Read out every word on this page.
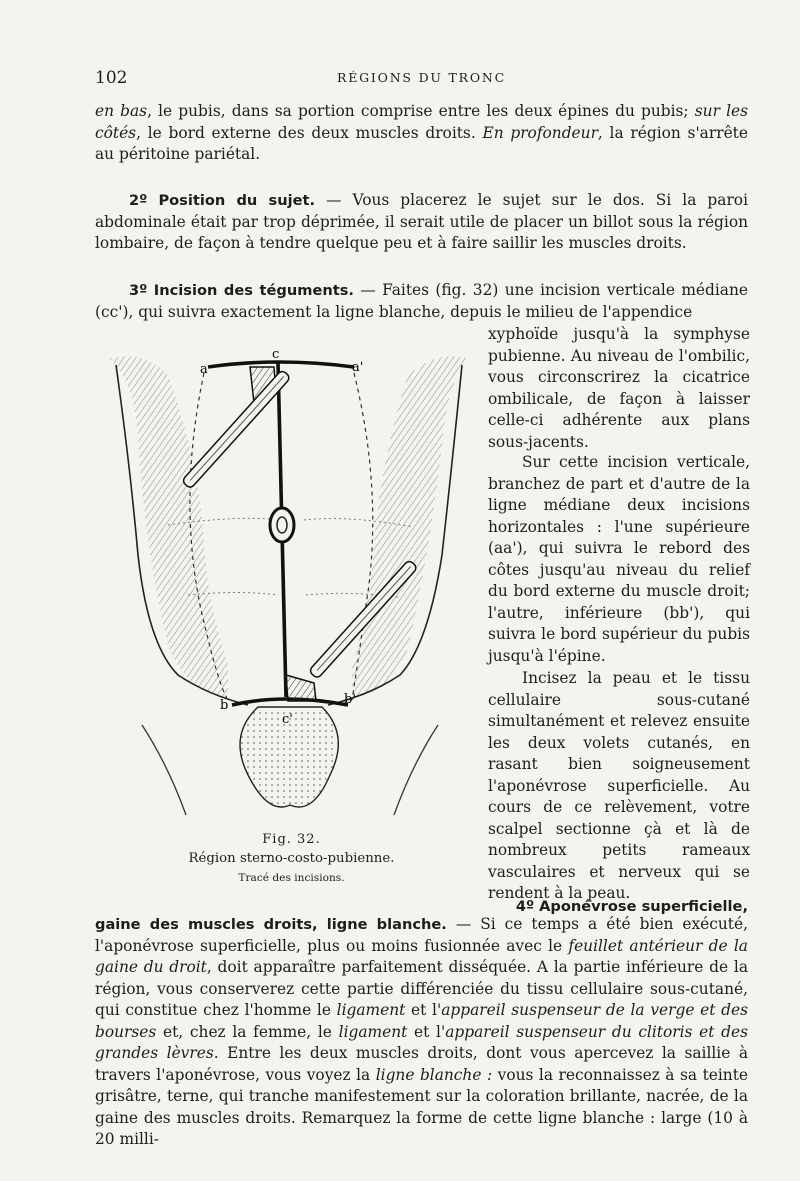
102	RÉGIONS DU TRONC

en bas, le pubis, dans sa portion comprise entre les deux épines du pubis; sur les côtés, le bord externe des deux muscles droits. En profondeur, la région s'arrête au péritoine pariétal.

2º Position du sujet. — Vous placerez le sujet sur le dos. Si la paroi abdominale était par trop déprimée, il serait utile de placer un billot sous la région lombaire, de façon à tendre quelque peu et à faire saillir les muscles droits.

3º Incision des téguments. — Faites (fig. 32) une incision verticale médiane (cc'), qui suivra exactement la ligne blanche, depuis le milieu de l'appendice

xyphoïde jusqu'à la symphyse pubienne. Au niveau de l'ombilic, vous circonscrirez la cicatrice ombilicale, de façon à laisser celle-ci adhérente aux plans sous-jacents.

Sur cette incision verticale, branchez de part et d'autre de la ligne médiane deux incisions horizontales : l'une supérieure (aa'), qui suivra le rebord des côtes jusqu'au niveau du relief du bord externe du muscle droit; l'autre, inférieure (bb'), qui suivra le bord supérieur du pubis jusqu'à l'épine.

Incisez la peau et le tissu cellulaire sous-cutané simultanément et relevez ensuite les deux volets cutanés, en rasant bien soigneusement l'aponévrose superficielle. Au cours de ce relèvement, votre scalpel sectionne çà et là de nombreux petits rameaux vasculaires et nerveux qui se rendent à la peau.

c
a	a'
b	b'
c'

Fig. 32.

Région sterno-costo-pubienne.

Tracé des incisions.

4º Aponévrose superficielle,

gaine des muscles droits, ligne blanche. — Si ce temps a été bien exécuté, l'aponévrose superficielle, plus ou moins fusionnée avec le feuillet antérieur de la gaine du droit, doit apparaître parfaitement disséquée. A la partie inférieure de la région, vous conserverez cette partie différenciée du tissu cellulaire sous-cutané, qui constitue chez l'homme le ligament et l'appareil suspenseur de la verge et des bourses et, chez la femme, le ligament et l'appareil suspenseur du clitoris et des grandes lèvres. Entre les deux muscles droits, dont vous apercevez la saillie à travers l'aponévrose, vous voyez la ligne blanche : vous la reconnaissez à sa teinte grisâtre, terne, qui tranche manifestement sur la coloration brillante, nacrée, de la gaine des muscles droits. Remarquez la forme de cette ligne blanche : large (10 à 20 milli-
